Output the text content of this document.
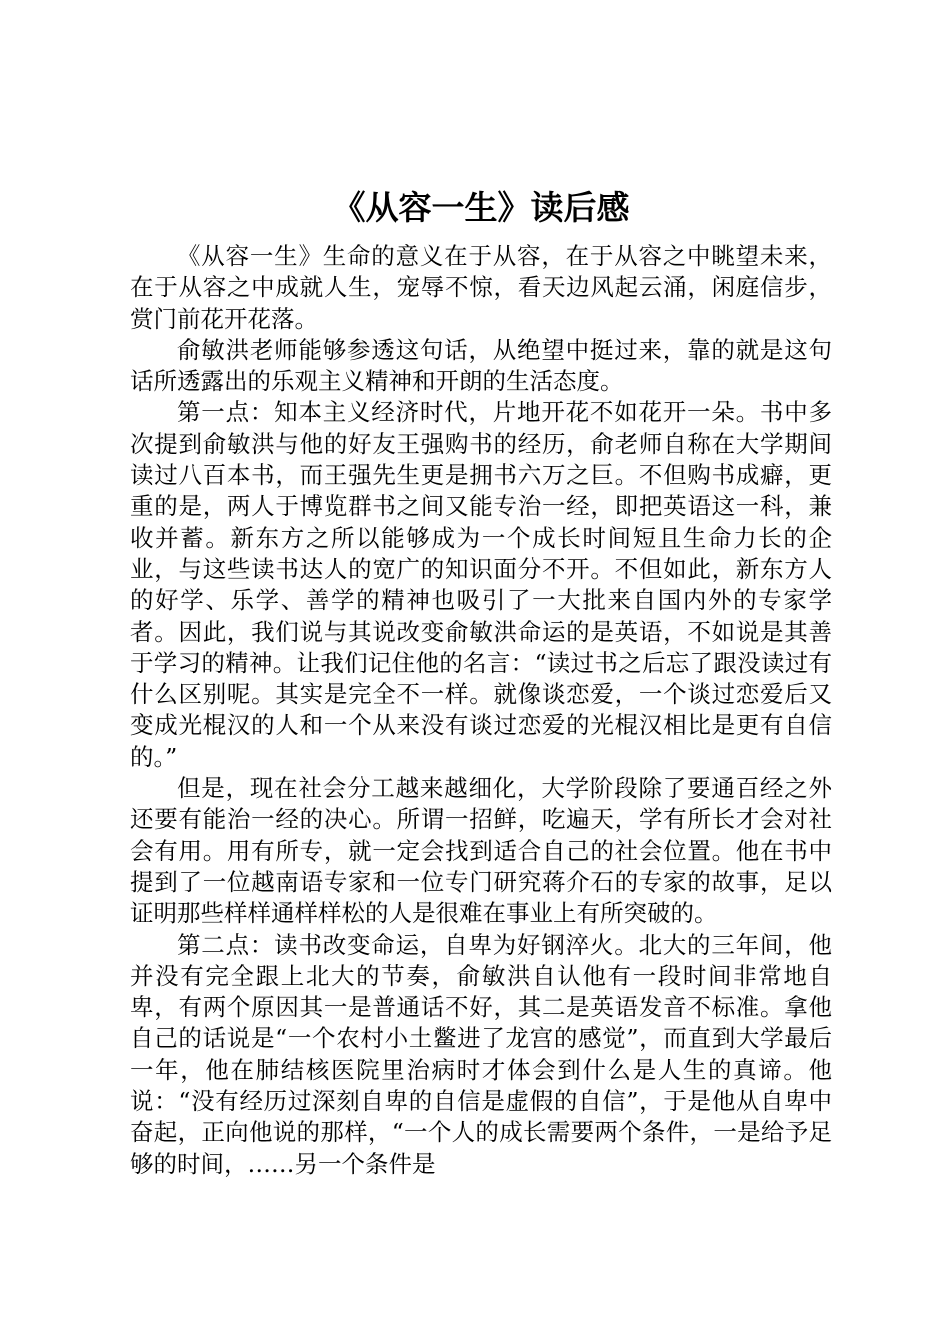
《从容一生》读后感

《从容一生》生命的意义在于从容，在于从容之中眺望未来，在于从容之中成就人生，宠辱不惊，看天边风起云涌，闲庭信步，赏门前花开花落。

俞敏洪老师能够参透这句话，从绝望中挺过来，靠的就是这句话所透露出的乐观主义精神和开朗的生活态度。

第一点：知本主义经济时代，片地开花不如花开一朵。书中多次提到俞敏洪与他的好友王强购书的经历，俞老师自称在大学期间读过八百本书，而王强先生更是拥书六万之巨。不但购书成癖，更重的是，两人于博览群书之间又能专治一经，即把英语这一科，兼收并蓄。新东方之所以能够成为一个成长时间短且生命力长的企业，与这些读书达人的宽广的知识面分不开。不但如此，新东方人的好学、乐学、善学的精神也吸引了一大批来自国内外的专家学者。因此，我们说与其说改变俞敏洪命运的是英语，不如说是其善于学习的精神。让我们记住他的名言：“读过书之后忘了跟没读过有什么区别呢。其实是完全不一样。就像谈恋爱，一个谈过恋爱后又变成光棍汉的人和一个从来没有谈过恋爱的光棍汉相比是更有自信的。”

但是，现在社会分工越来越细化，大学阶段除了要通百经之外还要有能治一经的决心。所谓一招鲜，吃遍天，学有所长才会对社会有用。用有所专，就一定会找到适合自己的社会位置。他在书中提到了一位越南语专家和一位专门研究蒋介石的专家的故事，足以证明那些样样通样样松的人是很难在事业上有所突破的。

第二点：读书改变命运，自卑为好钢淬火。北大的三年间，他并没有完全跟上北大的节奏，俞敏洪自认他有一段时间非常地自卑，有两个原因其一是普通话不好，其二是英语发音不标准。拿他自己的话说是“一个农村小土鳖进了龙宫的感觉”，而直到大学最后一年，他在肺结核医院里治病时才体会到什么是人生的真谛。他说：“没有经历过深刻自卑的自信是虚假的自信”，于是他从自卑中奋起，正向他说的那样，“一个人的成长需要两个条件，一是给予足够的时间，……另一个条件是
